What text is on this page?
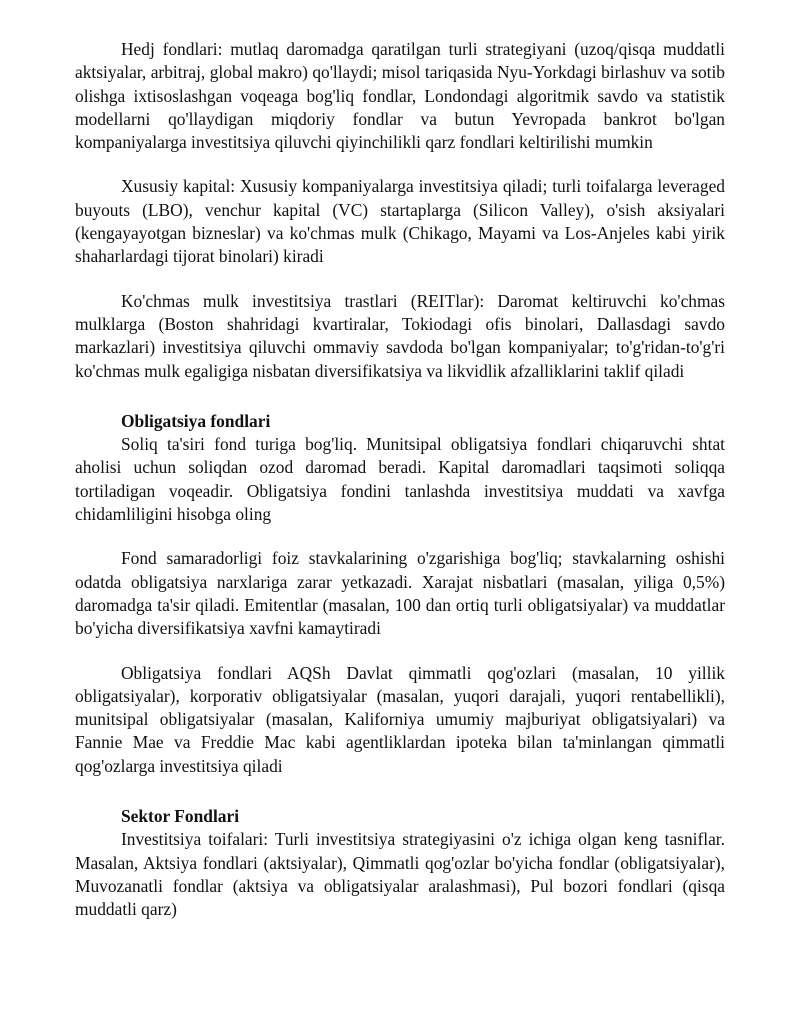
Hedj fondlari: mutlaq daromadga qaratilgan turli strategiyani (uzoq/qisqa muddatli aktsiyalar, arbitraj, global makro) qo'llaydi; misol tariqasida Nyu-Yorkdagi birlashuv va sotib olishga ixtisoslashgan voqeaga bog'liq fondlar, Londondagi algoritmik savdo va statistik modellarni qo'llaydigan miqdoriy fondlar va butun Yevropada bankrot bo'lgan kompaniyalarga investitsiya qiluvchi qiyinchilikli qarz fondlari keltirilishi mumkin

Xususiy kapital: Xususiy kompaniyalarga investitsiya qiladi; turli toifalarga leveraged buyouts (LBO), venchur kapital (VC) startaplarga (Silicon Valley), o'sish aksiyalari (kengayayotgan bizneslar) va ko'chmas mulk (Chikago, Mayami va Los-Anjeles kabi yirik shaharlardagi tijorat binolari) kiradi

Ko'chmas mulk investitsiya trastlari (REITlar): Daromat keltiruvchi ko'chmas mulklarga (Boston shahridagi kvartiralar, Tokiodagi ofis binolari, Dallasdagi savdo markazlari) investitsiya qiluvchi ommaviy savdoda bo'lgan kompaniyalar; to'g'ridan-to'g'ri ko'chmas mulk egaligiga nisbatan diversifikatsiya va likvidlik afzalliklarini taklif qiladi

Obligatsiya fondlari

Soliq ta'siri fond turiga bog'liq. Munitsipal obligatsiya fondlari chiqaruvchi shtat aholisi uchun soliqdan ozod daromad beradi. Kapital daromadlari taqsimoti soliqqa tortiladigan voqeadir. Obligatsiya fondini tanlashda investitsiya muddati va xavfga chidamliligini hisobga oling

Fond samaradorligi foiz stavkalarining o'zgarishiga bog'liq; stavkalarning oshishi odatda obligatsiya narxlariga zarar yetkazadi. Xarajat nisbatlari (masalan, yiliga 0,5%) daromadga ta'sir qiladi. Emitentlar (masalan, 100 dan ortiq turli obligatsiyalar) va muddatlar bo'yicha diversifikatsiya xavfni kamaytiradi

Obligatsiya fondlari AQSh Davlat qimmatli qog'ozlari (masalan, 10 yillik obligatsiyalar), korporativ obligatsiyalar (masalan, yuqori darajali, yuqori rentabellikli), munitsipal obligatsiyalar (masalan, Kaliforniya umumiy majburiyat obligatsiyalari) va Fannie Mae va Freddie Mac kabi agentliklardan ipoteka bilan ta'minlangan qimmatli qog'ozlarga investitsiya qiladi

Sektor Fondlari

Investitsiya toifalari: Turli investitsiya strategiyasini o'z ichiga olgan keng tasniflar. Masalan, Aktsiya fondlari (aktsiyalar), Qimmatli qog'ozlar bo'yicha fondlar (obligatsiyalar), Muvozanatli fondlar (aktsiya va obligatsiyalar aralashmasi), Pul bozori fondlari (qisqa muddatli qarz)
